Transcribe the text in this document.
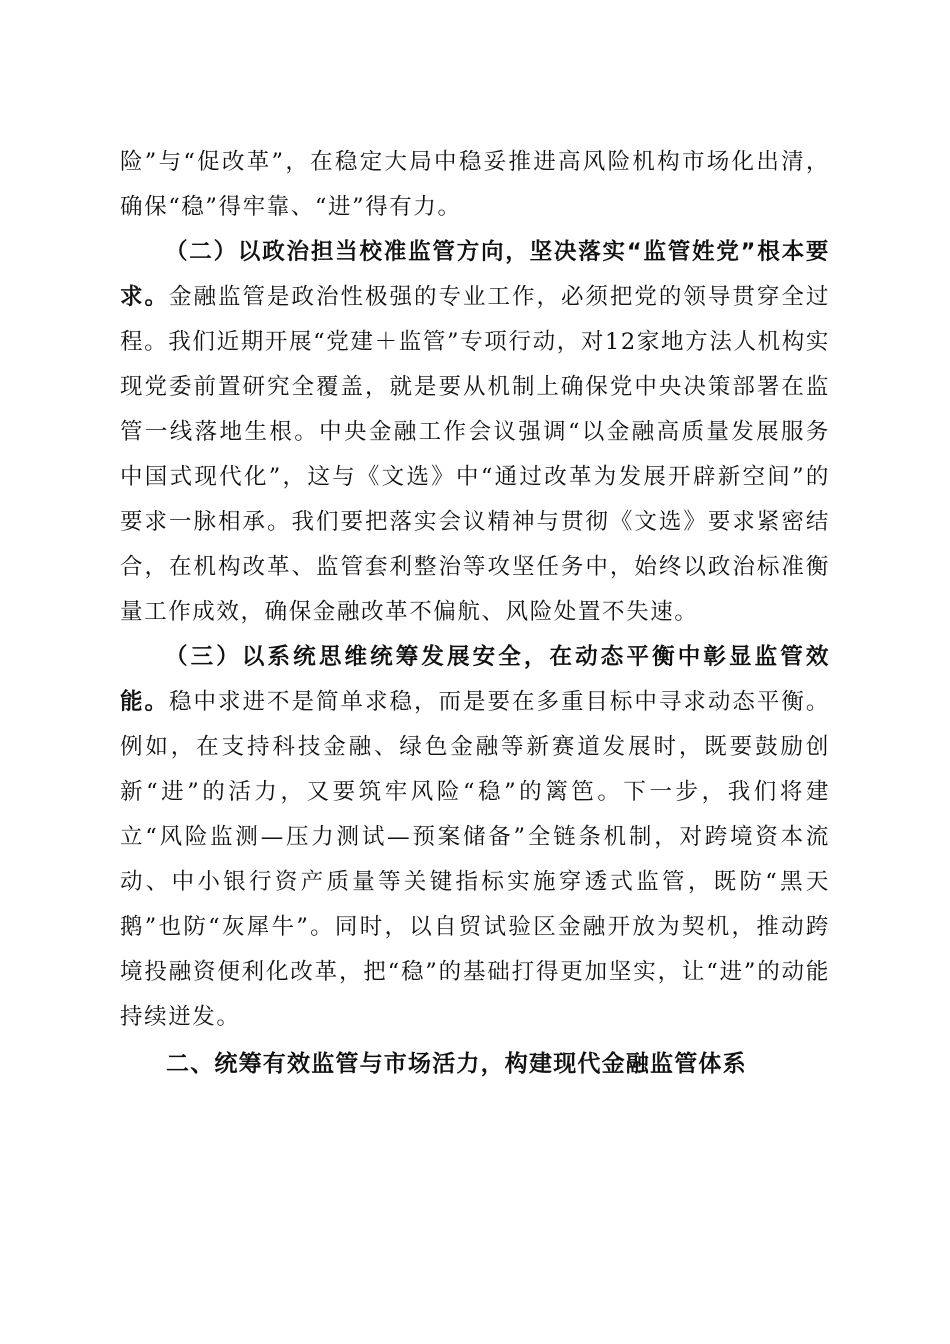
险”与“促改革”，在稳定大局中稳妥推进高风险机构市场化出清，确保“稳”得牢靠、“进”得有力。

（二）以政治担当校准监管方向，坚决落实“监管姓党”根本要求。金融监管是政治性极强的专业工作，必须把党的领导贯穿全过程。我们近期开展“党建＋监管”专项行动，对12家地方法人机构实现党委前置研究全覆盖，就是要从机制上确保党中央决策部署在监管一线落地生根。中央金融工作会议强调“以金融高质量发展服务中国式现代化”，这与《文选》中“通过改革为发展开辟新空间”的要求一脉相承。我们要把落实会议精神与贯彻《文选》要求紧密结合，在机构改革、监管套利整治等攻坚任务中，始终以政治标准衡量工作成效，确保金融改革不偏航、风险处置不失速。

（三）以系统思维统筹发展安全，在动态平衡中彰显监管效能。稳中求进不是简单求稳，而是要在多重目标中寻求动态平衡。例如，在支持科技金融、绿色金融等新赛道发展时，既要鼓励创新“进”的活力，又要筑牢风险“稳”的篱笆。下一步，我们将建立“风险监测—压力测试—预案储备”全链条机制，对跨境资本流动、中小银行资产质量等关键指标实施穿透式监管，既防“黑天鹅”也防“灰犀牛”。同时，以自贸试验区金融开放为契机，推动跨境投融资便利化改革，把“稳”的基础打得更加坚实，让“进”的动能持续迸发。

二、统筹有效监管与市场活力，构建现代金融监管体系
